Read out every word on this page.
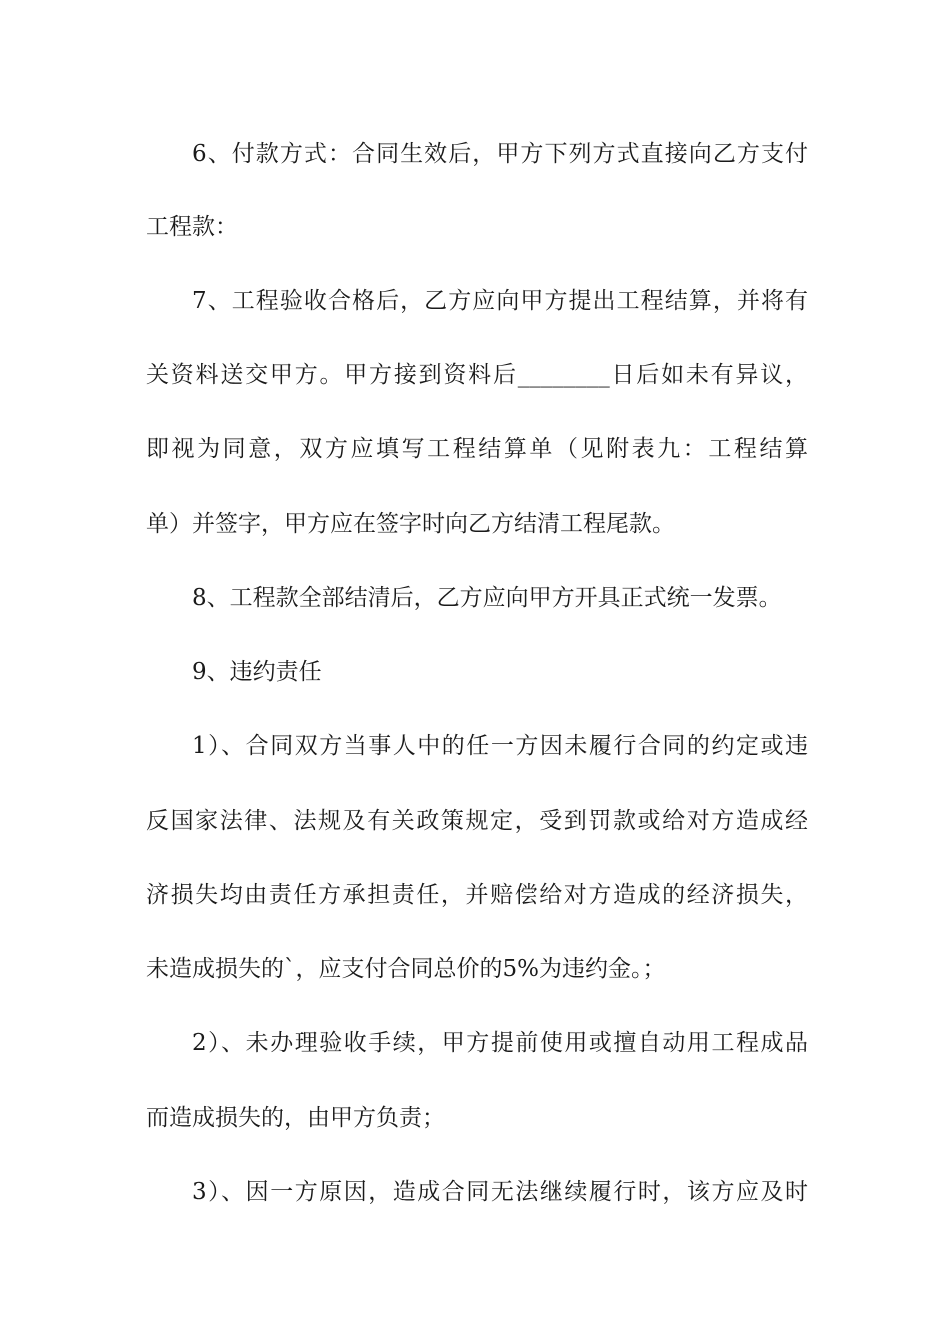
6、付款方式：合同生效后，甲方下列方式直接向乙方支付
工程款：
7、工程验收合格后，乙方应向甲方提出工程结算，并将有
关资料送交甲方。甲方接到资料后________日后如未有异议，
即视为同意，双方应填写工程结算单（见附表九：工程结算
单）并签字，甲方应在签字时向乙方结清工程尾款。
8、工程款全部结清后，乙方应向甲方开具正式统一发票。
9、违约责任
1）、合同双方当事人中的任一方因未履行合同的约定或违
反国家法律、法规及有关政策规定，受到罚款或给对方造成经
济损失均由责任方承担责任，并赔偿给对方造成的经济损失，
未造成损失的`，应支付合同总价的5%为违约金。；
2）、未办理验收手续，甲方提前使用或擅自动用工程成品
而造成损失的，由甲方负责；
3）、因一方原因，造成合同无法继续履行时，该方应及时
